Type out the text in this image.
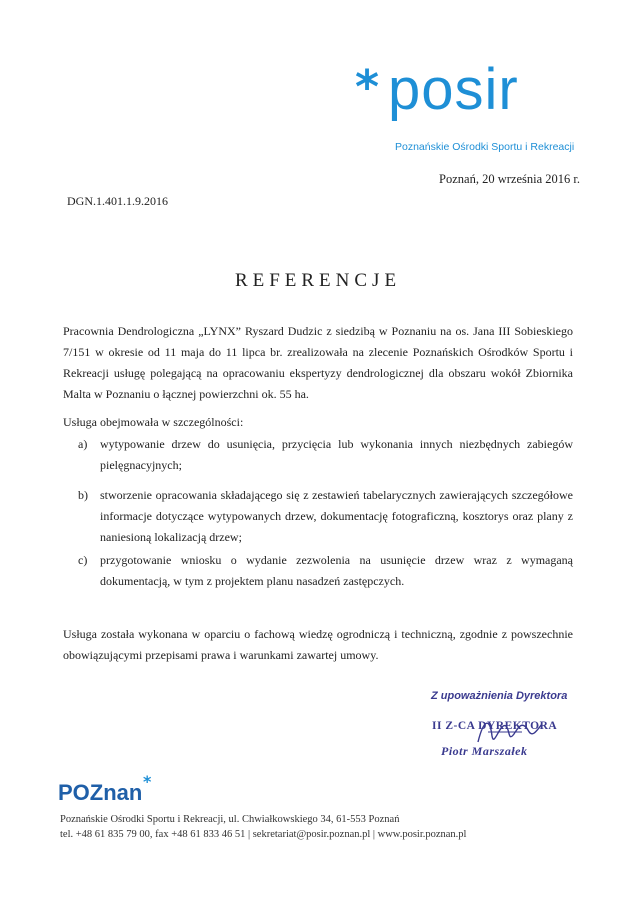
* posir
Poznańskie Ośrodki Sportu i Rekreacji
Poznań, 20 września 2016 r.
DGN.1.401.1.9.2016
REFERENCJE
Pracownia Dendrologiczna „LYNX” Ryszard Dudzic z siedzibą w Poznaniu na os. Jana III Sobieskiego 7/151 w okresie od 11 maja do 11 lipca br. zrealizowała na zlecenie Poznańskich Ośrodków Sportu i Rekreacji usługę polegającą na opracowaniu ekspertyzy dendrologicznej dla obszaru wokół Zbiornika Malta w Poznaniu o łącznej powierzchni ok. 55 ha.
Usługa obejmowała w szczególności:
a)	wytypowanie drzew do usunięcia, przycięcia lub wykonania innych niezbędnych zabiegów pielęgnacyjnych;
b)	stworzenie opracowania składającego się z zestawień tabelarycznych zawierających szczegółowe informacje dotyczące wytypowanych drzew, dokumentację fotograficzną, kosztorys oraz plany z naniesioną lokalizacją drzew;
c)	przygotowanie wniosku o wydanie zezwolenia na usunięcie drzew wraz z wymaganą dokumentacją, w tym z projektem planu nasadzeń zastępczych.
Usługa została wykonana w oparciu o fachową wiedzę ogrodniczą i techniczną, zgodnie z powszechnie obowiązującymi przepisami prawa i warunkami zawartej umowy.
Z upoważnienia Dyrektora
II Z-CA DYREKTORA
Piotr Marszałek
POZnan *
Poznańskie Ośrodki Sportu i Rekreacji, ul. Chwiałkowskiego 34, 61-553 Poznań
tel. +48 61 835 79 00, fax +48 61 833 46 51 | sekretariat@posir.poznan.pl | www.posir.poznan.pl
